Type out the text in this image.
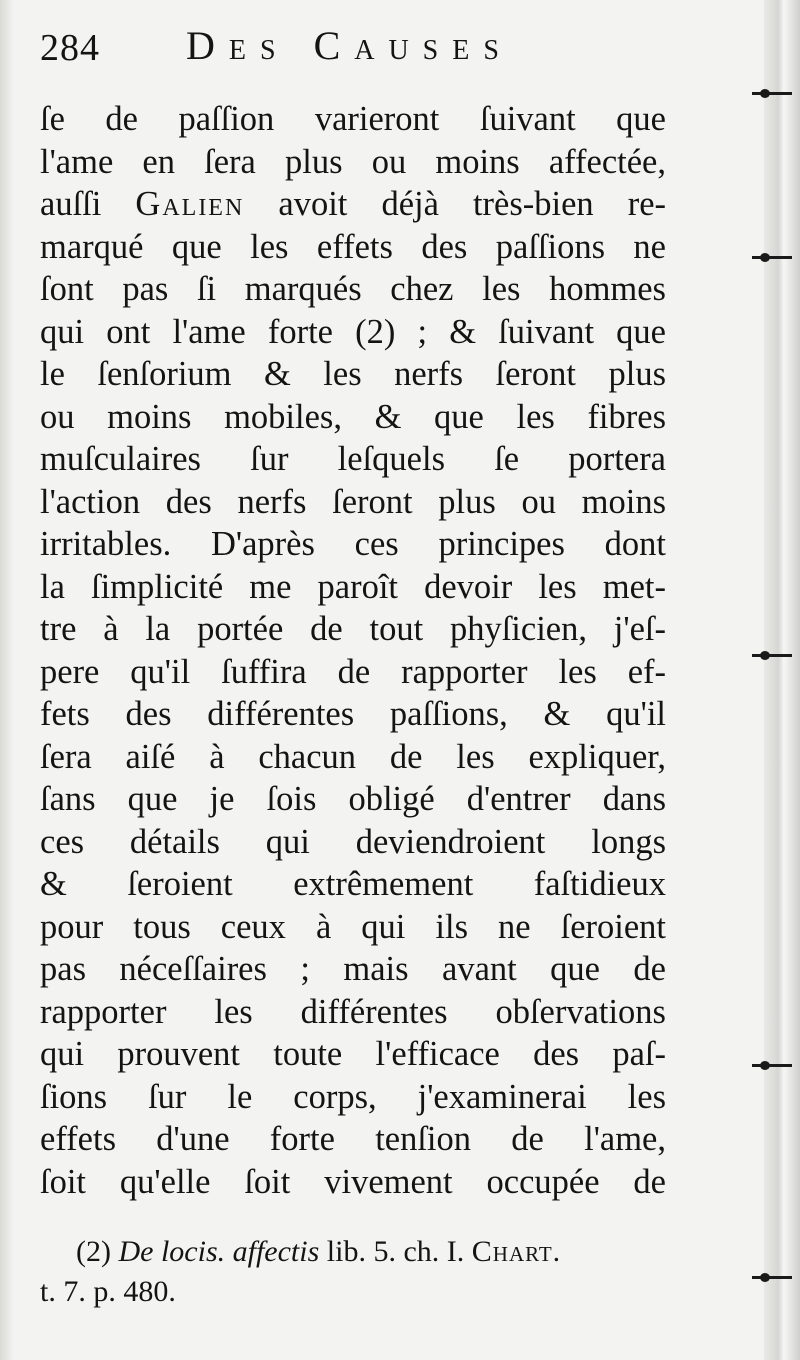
284 Des Causes
ſe de paſſion varieront ſuivant que
l'ame en ſera plus ou moins affectée,
auſſi Galien avoit déjà très-bien re-
marqué que les effets des paſſions ne
ſont pas ſi marqués chez les hommes
qui ont l'ame forte (2) ; & ſuivant que
le ſenſorium & les nerfs ſeront plus
ou moins mobiles, & que les fibres
muſculaires ſur leſquels ſe portera
l'action des nerfs ſeront plus ou moins
irritables. D'après ces principes dont
la ſimplicité me paroît devoir les met-
tre à la portée de tout phyſicien, j'eſ-
pere qu'il ſuffira de rapporter les ef-
fets des différentes paſſions, & qu'il
ſera aiſé à chacun de les expliquer,
ſans que je ſois obligé d'entrer dans
ces détails qui deviendroient longs
& ſeroient extrêmement faſtidieux
pour tous ceux à qui ils ne ſeroient
pas néceſſaires ; mais avant que de
rapporter les différentes obſervations
qui prouvent toute l'efficace des paſ-
ſions ſur le corps, j'examinerai les
effets d'une forte tenſion de l'ame,
ſoit qu'elle ſoit vivement occupée de
(2) De locis. affectis lib. 5. ch. I. Chart.
t. 7. p. 480.
